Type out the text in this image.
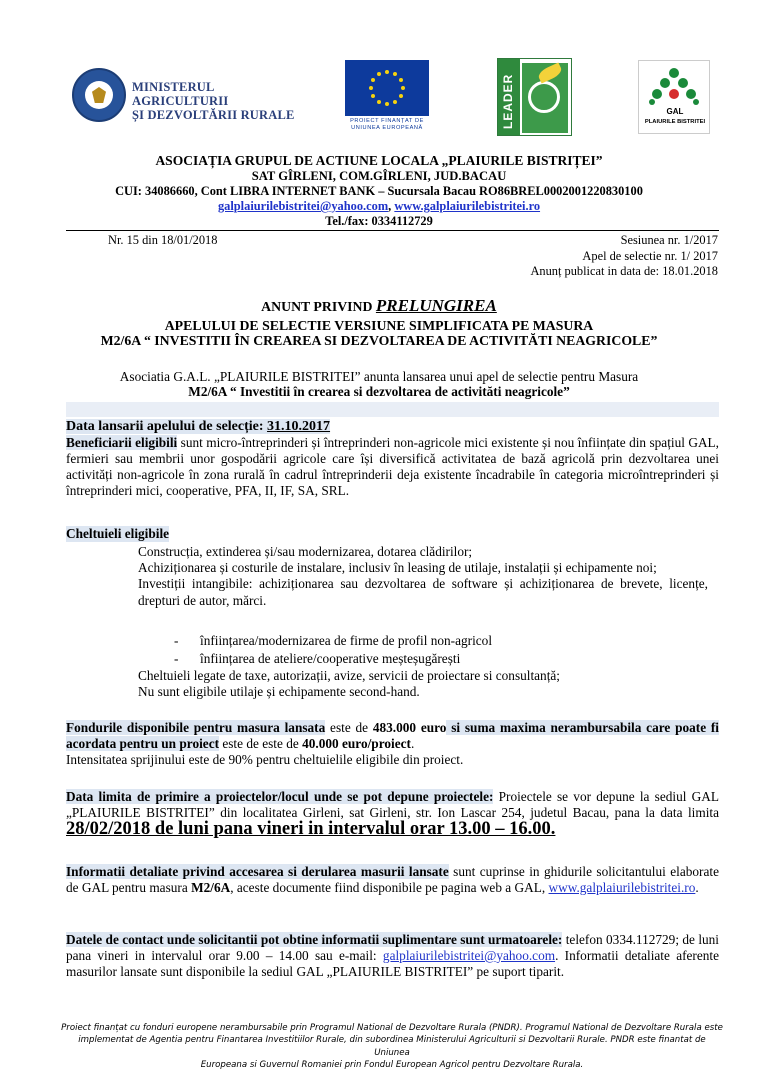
MINISTERUL AGRICULTURII
ȘI DEZVOLTĂRII RURALE	PROIECT FINANȚAT DE
UNIUNEA EUROPEANĂ	LEADER	GAL
PLAIURILE BISTRITEI
ASOCIAȚIA GRUPUL DE ACTIUNE LOCALA „PLAIURILE BISTRIȚEI”
SAT GÎRLENI, COM.GÎRLENI, JUD.BACAU
CUI: 34086660, Cont LIBRA INTERNET BANK – Sucursala Bacau RO86BREL0002001220830100
galplaiurilebistritei@yahoo.com, www.galplaiurilebistritei.ro
Tel./fax: 0334112729
Nr. 15 din 18/01/2018	Sesiunea nr. 1/2017
Apel de selectie nr. 1/ 2017
Anunț publicat in data de: 18.01.2018
ANUNT PRIVIND PRELUNGIREA
APELULUI DE SELECTIE VERSIUNE SIMPLIFICATA PE MASURA
M2/6A “ INVESTITII ÎN CREAREA SI DEZVOLTAREA DE ACTIVITĂTI NEAGRICOLE”
Asociatia G.A.L. „PLAIURILE BISTRITEI” anunta lansarea unui apel de selectie pentru Masura
M2/6A “ Investitii în crearea si dezvoltarea de activităti neagricole”
Data lansarii apelului de selecție: 31.10.2017
Beneficiarii eligibili sunt micro-întreprinderi și întreprinderi non-agricole mici existente și nou înființate din spațiul GAL, fermieri sau membrii unor gospodării agricole care își diversifică activitatea de bază agricolă prin dezvoltarea unei activități non-agricole în zona rurală în cadrul întreprinderii deja existente încadrabile în categoria microîntreprinderi și întreprinderi mici, cooperative, PFA, II, IF, SA, SRL.
Cheltuieli eligibile
Construcția, extinderea și/sau modernizarea, dotarea clădirilor;
Achiziționarea și costurile de instalare, inclusiv în leasing de utilaje, instalații și echipamente noi;
Investiții intangibile: achiziționarea sau dezvoltarea de software și achiziționarea de brevete, licențe, drepturi de autor, mărci.
- înființarea/modernizarea de firme de profil non-agricol
- înființarea de ateliere/cooperative meșteșugărești
Cheltuieli legate de taxe, autorizații, avize, servicii de proiectare si consultanță;
Nu sunt eligibile utilaje și echipamente second-hand.
Fondurile disponibile pentru masura lansata este de 483.000 euro si suma maxima nerambursabila care poate fi acordata pentru un proiect este de este de 40.000 euro/proiect.
Intensitatea sprijinului este de 90% pentru cheltuielile eligibile din proiect.
Data limita de primire a proiectelor/locul unde se pot depune proiectele: Proiectele se vor depune la sediul GAL „PLAIURILE BISTRITEI” din localitatea Girleni, sat Girleni, str. Ion Lascar 254, judetul Bacau, pana la data limita 28/02/2018 de luni pana vineri in intervalul orar 13.00 – 16.00.
Informatii detaliate privind accesarea si derularea masurii lansate sunt cuprinse in ghidurile solicitantului elaborate de GAL pentru masura M2/6A, aceste documente fiind disponibile pe pagina web a GAL, www.galplaiurilebistritei.ro.
Datele de contact unde solicitantii pot obtine informatii suplimentare sunt urmatoarele: telefon 0334.112729; de luni pana vineri in intervalul orar 9.00 – 14.00 sau e-mail: galplaiurilebistritei@yahoo.com. Informatii detaliate aferente masurilor lansate sunt disponibile la sediul GAL „PLAIURILE BISTRITEI” pe suport tiparit.
Proiect finanțat cu fonduri europene nerambursabile prin Programul National de Dezvoltare Rurala (PNDR). Programul National de Dezvoltare Rurala este
implementat de Agentia pentru Finantarea Investitiilor Rurale, din subordinea Ministerului Agriculturii si Dezvoltarii Rurale. PNDR este finantat de Uniunea
Europeana si Guvernul Romaniei prin Fondul European Agricol pentru Dezvoltare Rurala.
